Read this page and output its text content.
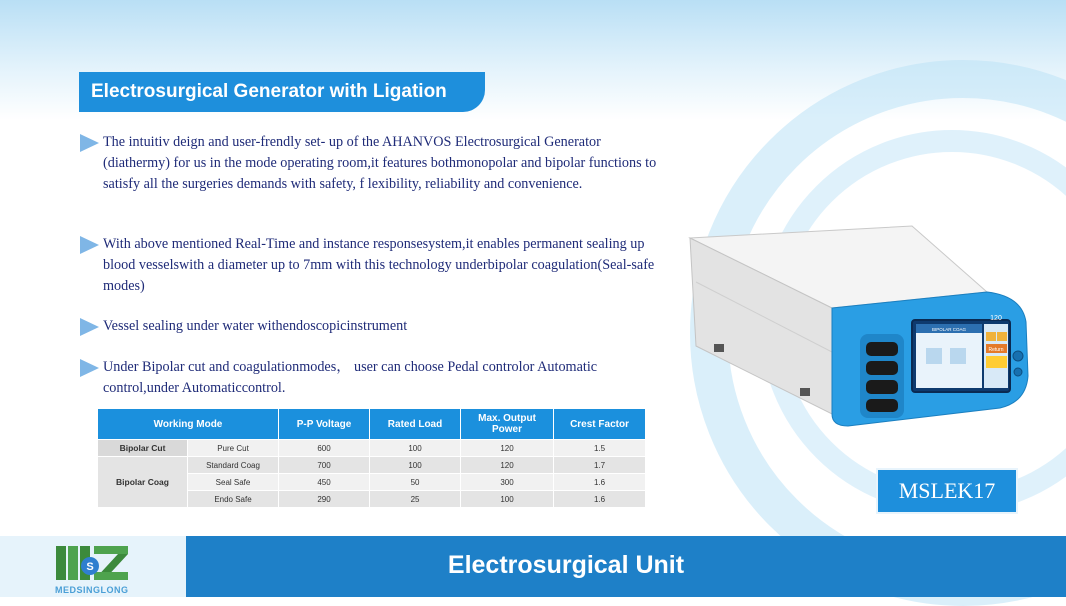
Electrosurgical Generator with Ligation
The intuitiv deign and user-frendly set- up of the AHANVOS Electrosurgical Generator (diathermy) for us in the mode operating room,it features bothmonopolar and bipolar functions to satisfy all the surgeries demands with safety, f lexibility, reliability and convenience.
With above mentioned Real-Time and instance responsesystem,it enables permanent sealing up blood vesselswith a diameter up to 7mm with this technology underbipolar coagulation(Seal-safe modes)
Vessel sealing under water withendoscopicinstrument
Under Bipolar cut and coagulationmodes， user can choose Pedal controlor Automatic control,under Automaticcontrol.
Working Mode		P-P Voltage	Rated Load	Max. Output Power	Crest Factor
Bipolar Cut	Pure Cut	600	100	120	1.5
Bipolar Coag	Standard Coag	700	100	120	1.7
	Seal Safe	450	50	300	1.6
	Endo Safe	290	25	100	1.6
120
BIPOLAR COAG
Return
MSLEK17
S
MEDSINGLONG
Electrosurgical Unit
